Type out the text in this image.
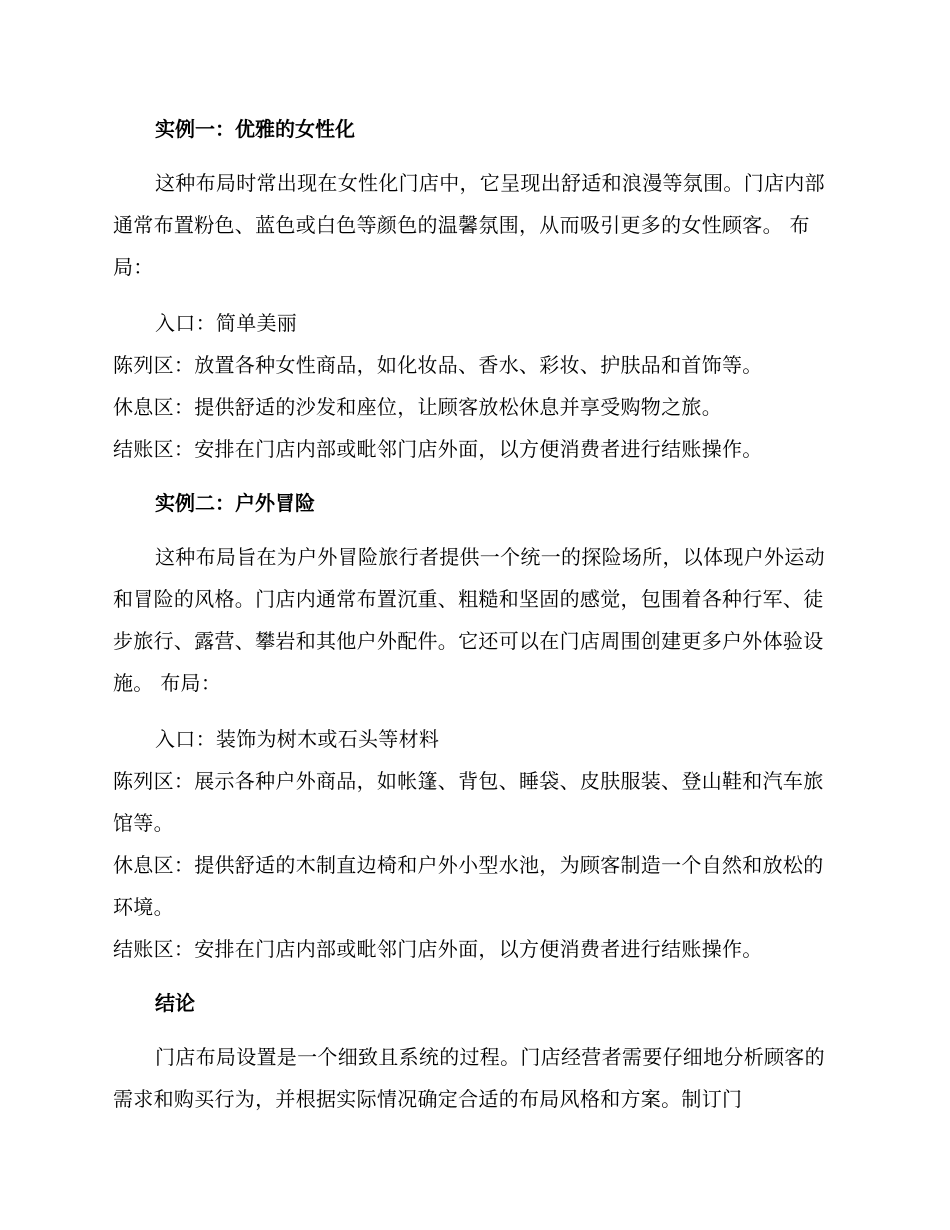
实例一：优雅的女性化

这种布局时常出现在女性化门店中，它呈现出舒适和浪漫等氛围。门店内部通常布置粉色、蓝色或白色等颜色的温馨氛围，从而吸引更多的女性顾客。 布局：

入口：简单美丽

陈列区：放置各种女性商品，如化妆品、香水、彩妆、护肤品和首饰等。

休息区：提供舒适的沙发和座位，让顾客放松休息并享受购物之旅。

结账区：安排在门店内部或毗邻门店外面，以方便消费者进行结账操作。

实例二：户外冒险

这种布局旨在为户外冒险旅行者提供一个统一的探险场所，以体现户外运动和冒险的风格。门店内通常布置沉重、粗糙和坚固的感觉，包围着各种行军、徒步旅行、露营、攀岩和其他户外配件。它还可以在门店周围创建更多户外体验设施。 布局：

入口：装饰为树木或石头等材料

陈列区：展示各种户外商品，如帐篷、背包、睡袋、皮肤服装、登山鞋和汽车旅馆等。

休息区：提供舒适的木制直边椅和户外小型水池，为顾客制造一个自然和放松的环境。

结账区：安排在门店内部或毗邻门店外面，以方便消费者进行结账操作。

结论

门店布局设置是一个细致且系统的过程。门店经营者需要仔细地分析顾客的需求和购买行为，并根据实际情况确定合适的布局风格和方案。制订门
